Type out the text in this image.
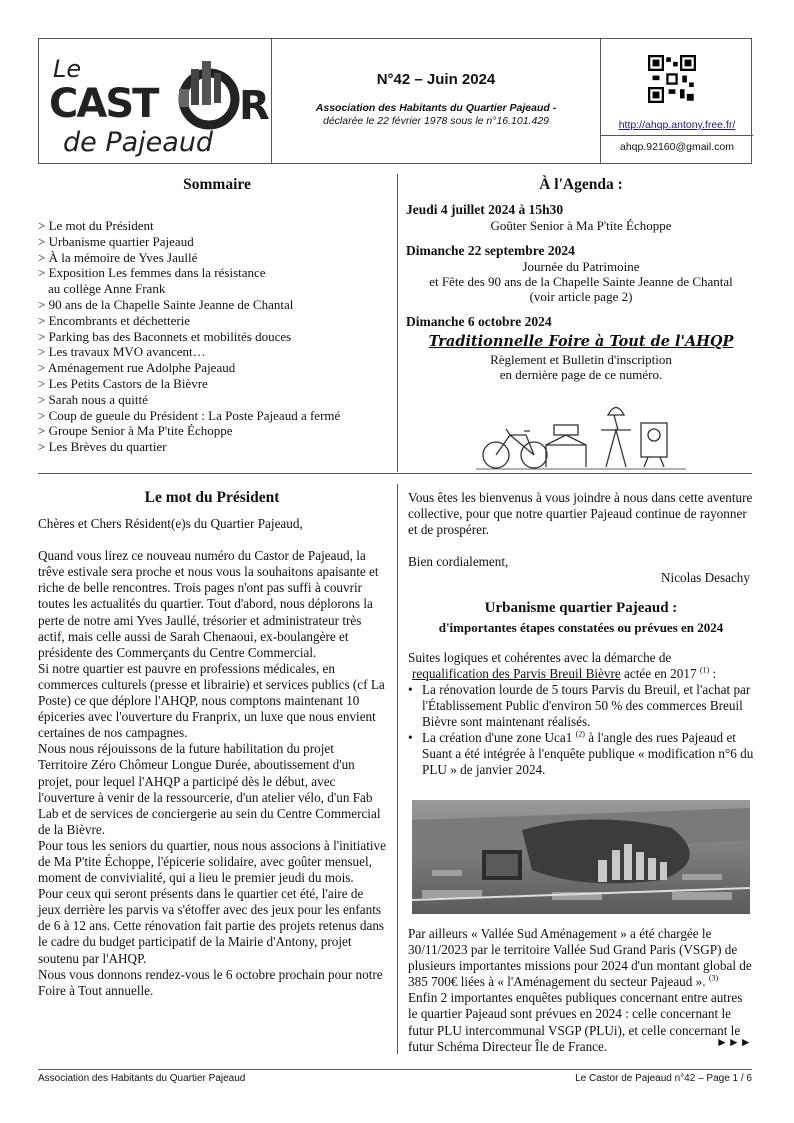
Le
CAST R
de Pajeaud
N°42 – Juin 2024
Association des Habitants du Quartier Pajeaud -
déclarée le 22 février 1978 sous le n°16.101.429	http://ahqp.antony.free.fr/
ahqp.92160@gmail.com
Sommaire
> Le mot du Président
> Urbanisme quartier Pajeaud
> À la mémoire de Yves Jaullé
> Exposition Les femmes dans la résistance
au collège Anne Frank
> 90 ans de la Chapelle Sainte Jeanne de Chantal
> Encombrants et déchetterie
> Parking bas des Baconnets et mobilités douces
> Les travaux MVO avancent…
> Aménagement rue Adolphe Pajeaud
> Les Petits Castors de la Bièvre
> Sarah nous a quitté
> Coup de gueule du Président : La Poste Pajeaud a fermé
> Groupe Senior à Ma P'tite Échoppe
> Les Brèves du quartier
À l'Agenda :
Jeudi 4 juillet 2024 à 15h30
Goûter Senior à Ma P'tite Échoppe
Dimanche 22 septembre 2024
Journée du Patrimoine
et Fête des 90 ans de la Chapelle Sainte Jeanne de Chantal
(voir article page 2)
Dimanche 6 octobre 2024
Traditionnelle Foire à Tout de l'AHQP
Règlement et Bulletin d'inscription
en dernière page de ce numéro.
Le mot du Président

Chères et Chers Résident(e)s du Quartier Pajeaud,

Quand vous lirez ce nouveau numéro du Castor de Pajeaud, la trêve estivale sera proche et nous vous la souhaitons apaisante et riche de belle rencontres. Trois pages n'ont pas suffi à couvrir toutes les actualités du quartier. Tout d'abord, nous déplorons la perte de notre ami Yves Jaullé, trésorier et administrateur très actif, mais celle aussi de Sarah Chenaoui, ex-boulangère et présidente des Commerçants du Centre Commercial.

Si notre quartier est pauvre en professions médicales, en commerces culturels (presse et librairie) et services publics (cf La Poste) ce que déplore l'AHQP, nous comptons maintenant 10 épiceries avec l'ouverture du Franprix, un luxe que nous envient certaines de nos campagnes.

Nous nous réjouissons de la future habilitation du projet Territoire Zéro Chômeur Longue Durée, aboutissement d'un projet, pour lequel l'AHQP a participé dès le début, avec l'ouverture à venir de la ressourcerie, d'un atelier vélo, d'un Fab Lab et de services de conciergerie au sein du Centre Commercial de la Bièvre.

Pour tous les seniors du quartier, nous nous associons à l'initiative de Ma P'tite Échoppe, l'épicerie solidaire, avec goûter mensuel, moment de convivialité, qui a lieu le premier jeudi du mois.

Pour ceux qui seront présents dans le quartier cet été, l'aire de jeux derrière les parvis va s'étoffer avec des jeux pour les enfants de 6 à 12 ans. Cette rénovation fait partie des projets retenus dans le cadre du budget participatif de la Mairie d'Antony, projet soutenu par l'AHQP.

Nous vous donnons rendez-vous le 6 octobre prochain pour notre Foire à Tout annuelle.

Vous êtes les bienvenus à vous joindre à nous dans cette aventure collective, pour que notre quartier Pajeaud continue de rayonner et de prospérer.

Bien cordialement,

Nicolas Desachy

Urbanisme quartier Pajeaud :
d'importantes étapes constatées ou prévues en 2024

Suites logiques et cohérentes avec la démarche de
requalification des Parvis Breuil Bièvre actée en 2017 $^{(1)}$ :

• La rénovation lourde de 5 tours Parvis du Breuil, et l'achat par l'Établissement Public d'environ 50 % des commerces Breuil Bièvre sont maintenant réalisés.

• La création d'une zone Uca1 $^{(2)}$ à l'angle des rues Pajeaud et Suant a été intégrée à l'enquête publique « modification n°6 du PLU » de janvier 2024.

Par ailleurs « Vallée Sud Aménagement » a été chargée le 30/11/2023 par le territoire Vallée Sud Grand Paris (VSGP) de plusieurs importantes missions pour 2024 d'un montant global de 385 700€ liées à « l'Aménagement du secteur Pajeaud ». $^{(3)}$

Enfin 2 importantes enquêtes publiques concernant entre autres le quartier Pajeaud sont prévues en 2024 : celle concernant le futur PLU intercommunal VSGP (PLUi), et celle concernant le futur Schéma Directeur Île de France.	►►►
Association des Habitants du Quartier Pajeaud	Le Castor de Pajeaud n°42 – Page 1 / 6
